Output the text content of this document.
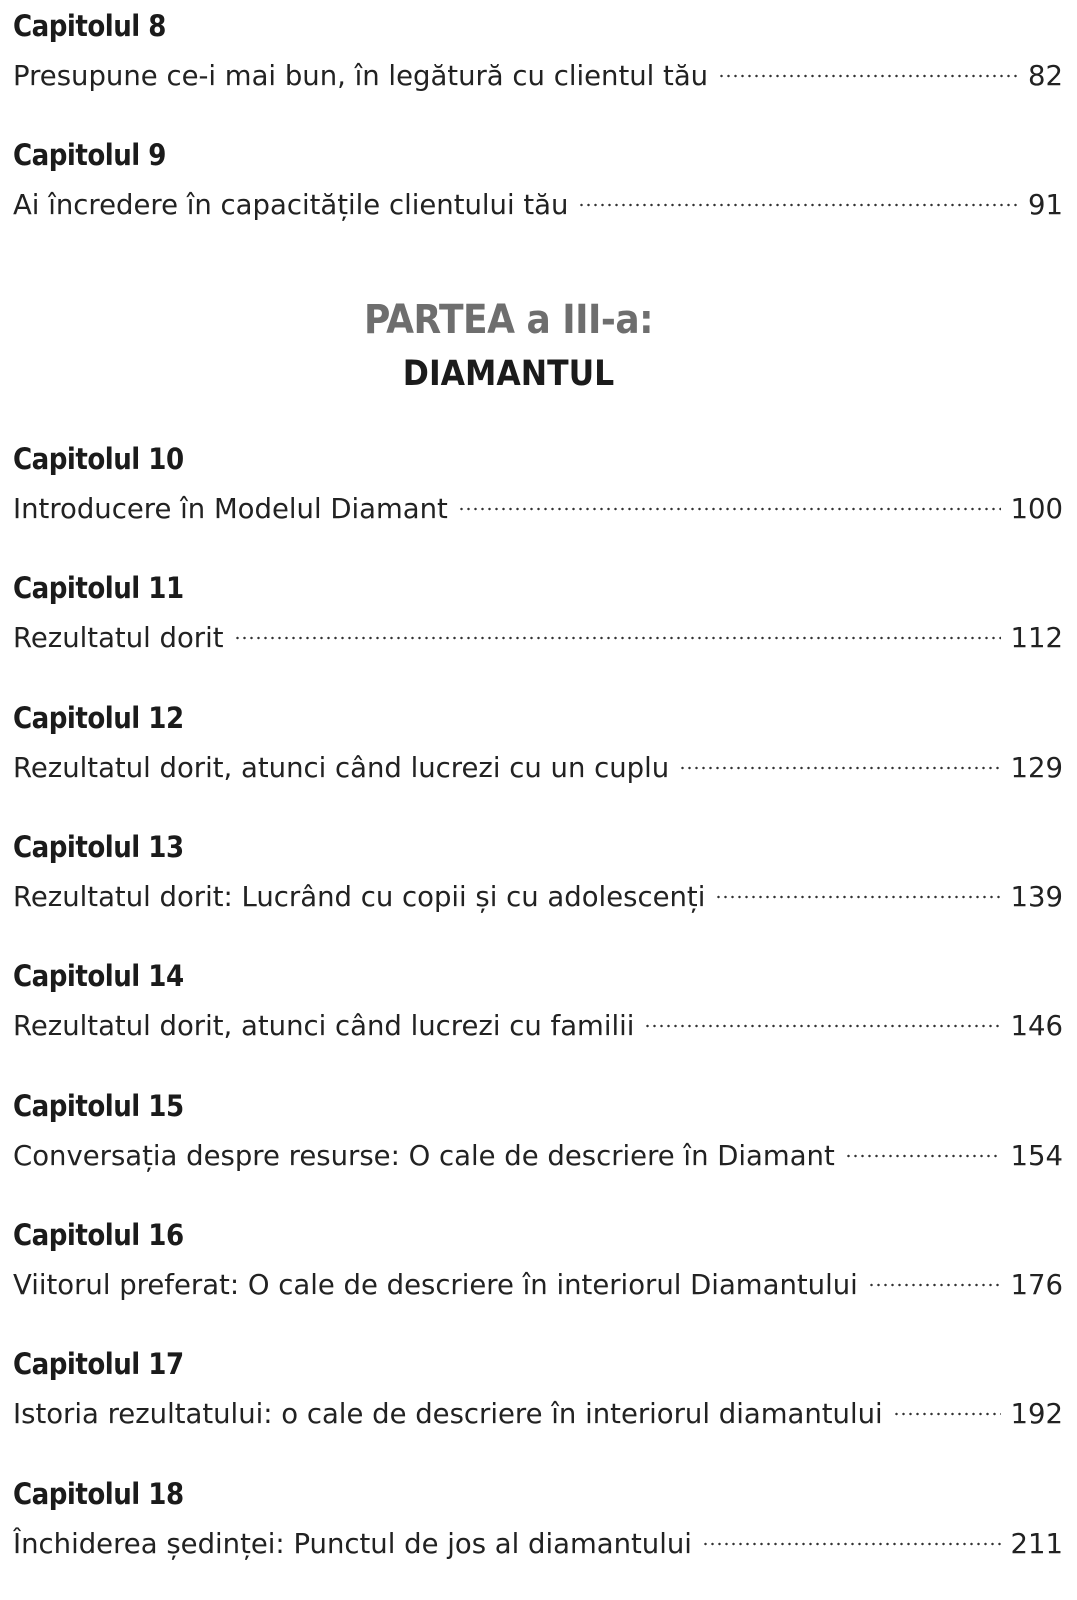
Capitolul 8
Presupune ce-i mai bun, în legătură cu clientul tău	82
Capitolul 9
Ai încredere în capacitățile clientului tău	91
PARTEA a III-a:
DIAMANTUL
Capitolul 10
Introducere în Modelul Diamant	100
Capitolul 11
Rezultatul dorit	112
Capitolul 12
Rezultatul dorit, atunci când lucrezi cu un cuplu	129
Capitolul 13
Rezultatul dorit: Lucrând cu copii și cu adolescenți	139
Capitolul 14
Rezultatul dorit, atunci când lucrezi cu familii	146
Capitolul 15
Conversația despre resurse: O cale de descriere în Diamant	154
Capitolul 16
Viitorul preferat: O cale de descriere în interiorul Diamantului	176
Capitolul 17
Istoria rezultatului: o cale de descriere în interiorul diamantului	192
Capitolul 18
Închiderea ședinței: Punctul de jos al diamantului	211
